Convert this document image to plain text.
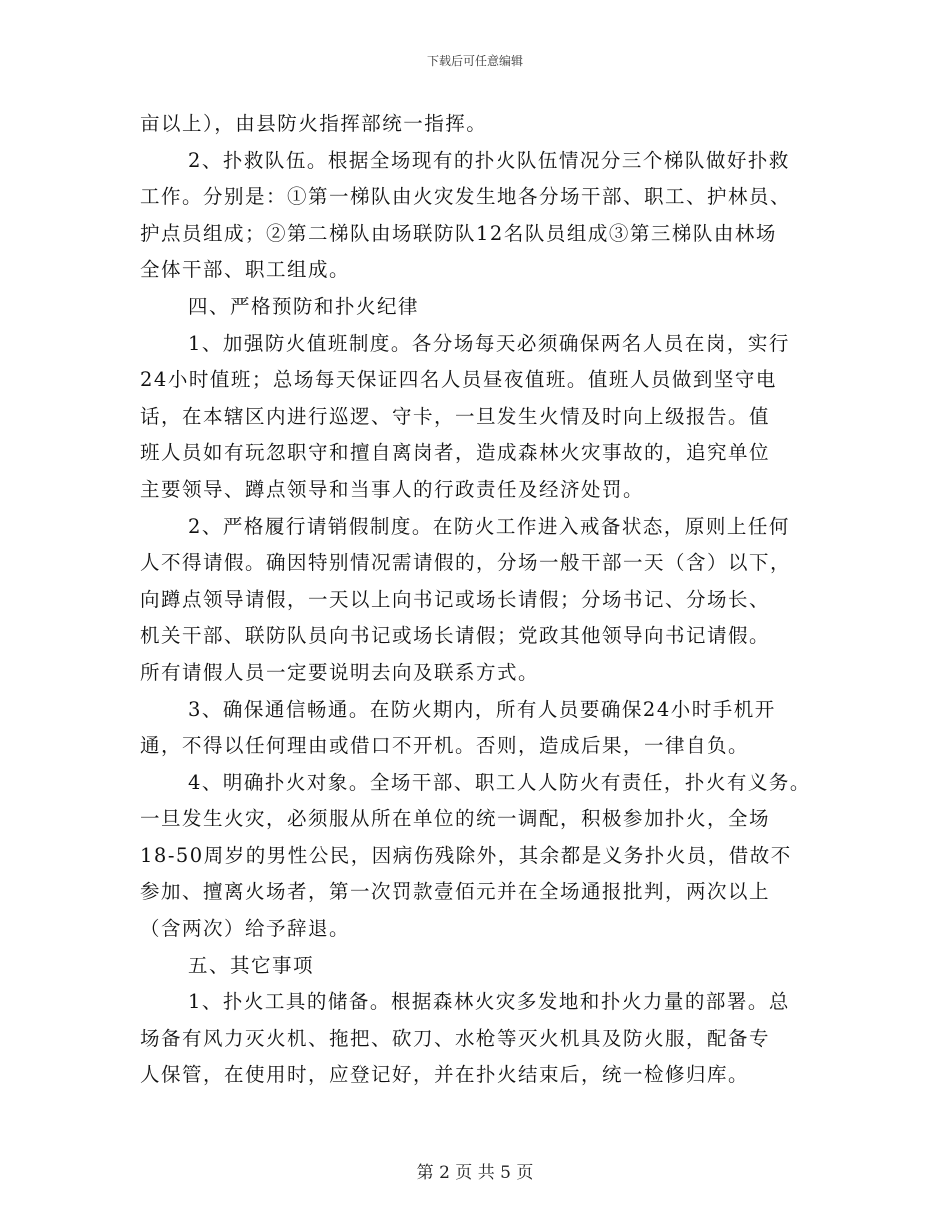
下载后可任意编辑
亩以上），由县防火指挥部统一指挥。
2、扑救队伍。根据全场现有的扑火队伍情况分三个梯队做好扑救
工作。分别是：①第一梯队由火灾发生地各分场干部、职工、护林员、
护点员组成；②第二梯队由场联防队12名队员组成③第三梯队由林场
全体干部、职工组成。
四、严格预防和扑火纪律
1、加强防火值班制度。各分场每天必须确保两名人员在岗，实行
24小时值班；总场每天保证四名人员昼夜值班。值班人员做到坚守电
话，在本辖区内进行巡逻、守卡，一旦发生火情及时向上级报告。值
班人员如有玩忽职守和擅自离岗者，造成森林火灾事故的，追究单位
主要领导、蹲点领导和当事人的行政责任及经济处罚。
2、严格履行请销假制度。在防火工作进入戒备状态，原则上任何
人不得请假。确因特别情况需请假的，分场一般干部一天（含）以下，
向蹲点领导请假，一天以上向书记或场长请假；分场书记、分场长、
机关干部、联防队员向书记或场长请假；党政其他领导向书记请假。
所有请假人员一定要说明去向及联系方式。
3、确保通信畅通。在防火期内，所有人员要确保24小时手机开
通，不得以任何理由或借口不开机。否则，造成后果，一律自负。
4、明确扑火对象。全场干部、职工人人防火有责任，扑火有义务。
一旦发生火灾，必须服从所在单位的统一调配，积极参加扑火，全场
18-50周岁的男性公民，因病伤残除外，其余都是义务扑火员，借故不
参加、擅离火场者，第一次罚款壹佰元并在全场通报批判，两次以上
（含两次）给予辞退。
五、其它事项
1、扑火工具的储备。根据森林火灾多发地和扑火力量的部署。总
场备有风力灭火机、拖把、砍刀、水枪等灭火机具及防火服，配备专
人保管，在使用时，应登记好，并在扑火结束后，统一检修归库。
第 2 页 共 5 页
